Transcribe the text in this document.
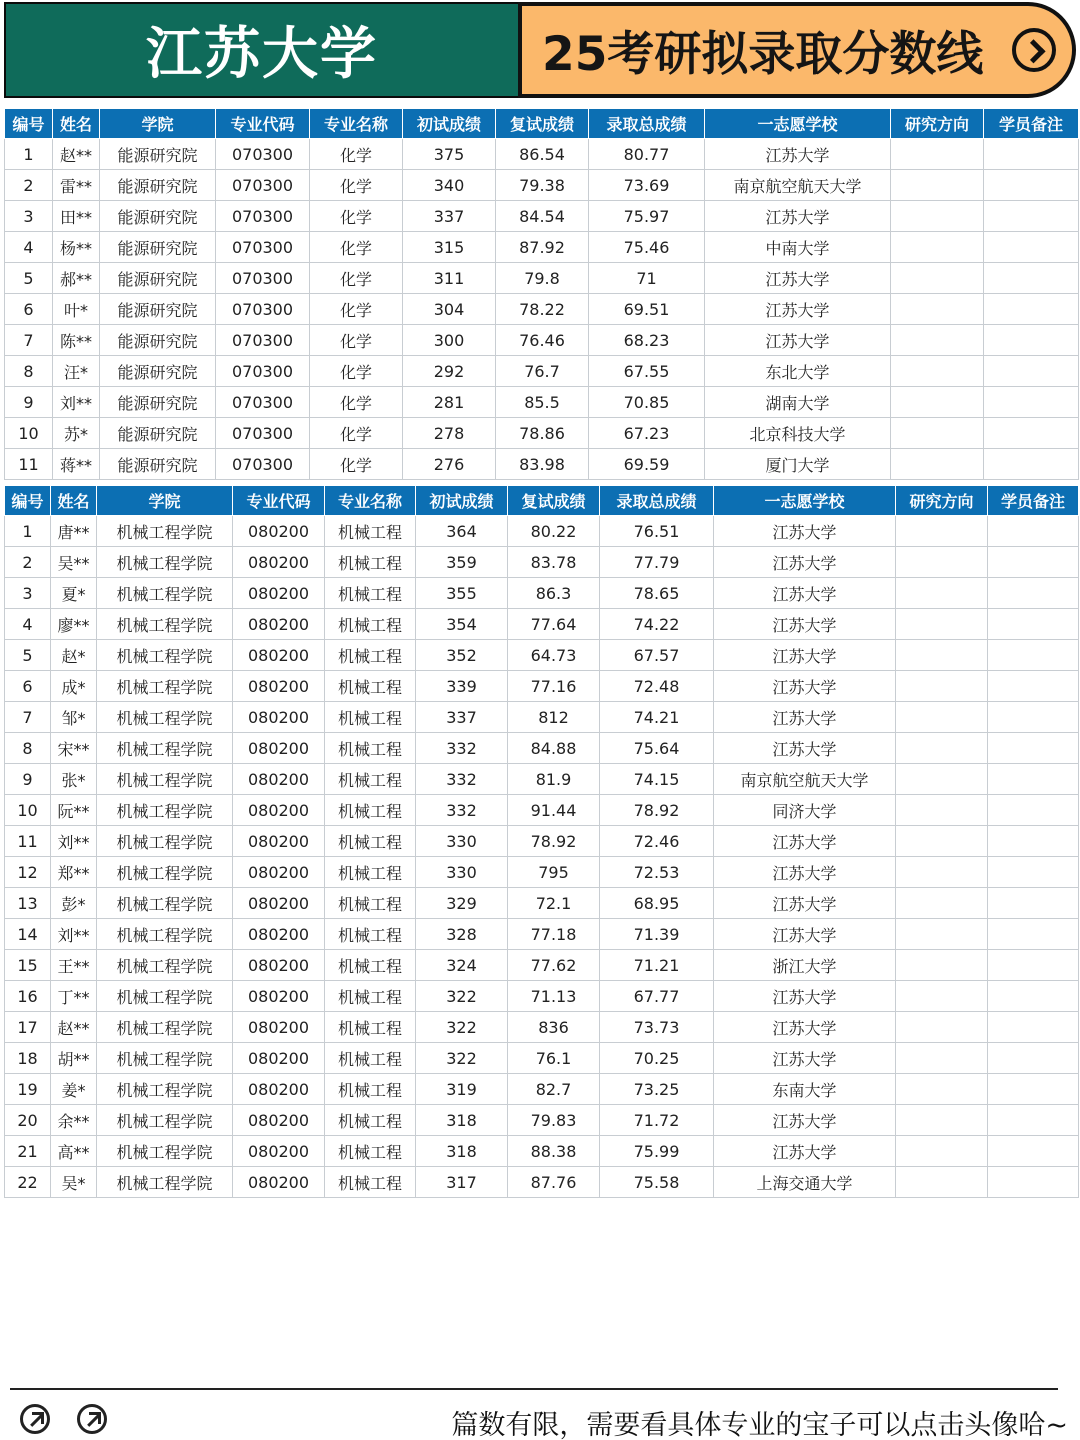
江苏大学	25考研拟录取分数线
编号	姓名	学院	专业代码	专业名称	初试成绩	复试成绩	录取总成绩	一志愿学校	研究方向	学员备注
1	赵**	能源研究院	070300	化学	375	86.54	80.77	江苏大学		
2	雷**	能源研究院	070300	化学	340	79.38	73.69	南京航空航天大学		
3	田**	能源研究院	070300	化学	337	84.54	75.97	江苏大学		
4	杨**	能源研究院	070300	化学	315	87.92	75.46	中南大学		
5	郝**	能源研究院	070300	化学	311	79.8	71	江苏大学		
6	叶*	能源研究院	070300	化学	304	78.22	69.51	江苏大学		
7	陈**	能源研究院	070300	化学	300	76.46	68.23	江苏大学		
8	汪*	能源研究院	070300	化学	292	76.7	67.55	东北大学		
9	刘**	能源研究院	070300	化学	281	85.5	70.85	湖南大学		
10	苏*	能源研究院	070300	化学	278	78.86	67.23	北京科技大学		
11	蒋**	能源研究院	070300	化学	276	83.98	69.59	厦门大学		
编号	姓名	学院	专业代码	专业名称	初试成绩	复试成绩	录取总成绩	一志愿学校	研究方向	学员备注
1	唐**	机械工程学院	080200	机械工程	364	80.22	76.51	江苏大学		
2	吴**	机械工程学院	080200	机械工程	359	83.78	77.79	江苏大学		
3	夏*	机械工程学院	080200	机械工程	355	86.3	78.65	江苏大学		
4	廖**	机械工程学院	080200	机械工程	354	77.64	74.22	江苏大学		
5	赵*	机械工程学院	080200	机械工程	352	64.73	67.57	江苏大学		
6	成*	机械工程学院	080200	机械工程	339	77.16	72.48	江苏大学		
7	邹*	机械工程学院	080200	机械工程	337	812	74.21	江苏大学		
8	宋**	机械工程学院	080200	机械工程	332	84.88	75.64	江苏大学		
9	张*	机械工程学院	080200	机械工程	332	81.9	74.15	南京航空航天大学		
10	阮**	机械工程学院	080200	机械工程	332	91.44	78.92	同济大学		
11	刘**	机械工程学院	080200	机械工程	330	78.92	72.46	江苏大学		
12	郑**	机械工程学院	080200	机械工程	330	795	72.53	江苏大学		
13	彭*	机械工程学院	080200	机械工程	329	72.1	68.95	江苏大学		
14	刘**	机械工程学院	080200	机械工程	328	77.18	71.39	江苏大学		
15	王**	机械工程学院	080200	机械工程	324	77.62	71.21	浙江大学		
16	丁**	机械工程学院	080200	机械工程	322	71.13	67.77	江苏大学		
17	赵**	机械工程学院	080200	机械工程	322	836	73.73	江苏大学		
18	胡**	机械工程学院	080200	机械工程	322	76.1	70.25	江苏大学		
19	姜*	机械工程学院	080200	机械工程	319	82.7	73.25	东南大学		
20	余**	机械工程学院	080200	机械工程	318	79.83	71.72	江苏大学		
21	高**	机械工程学院	080200	机械工程	318	88.38	75.99	江苏大学		
22	吴*	机械工程学院	080200	机械工程	317	87.76	75.58	上海交通大学		
篇数有限，需要看具体专业的宝子可以点击头像哈~
